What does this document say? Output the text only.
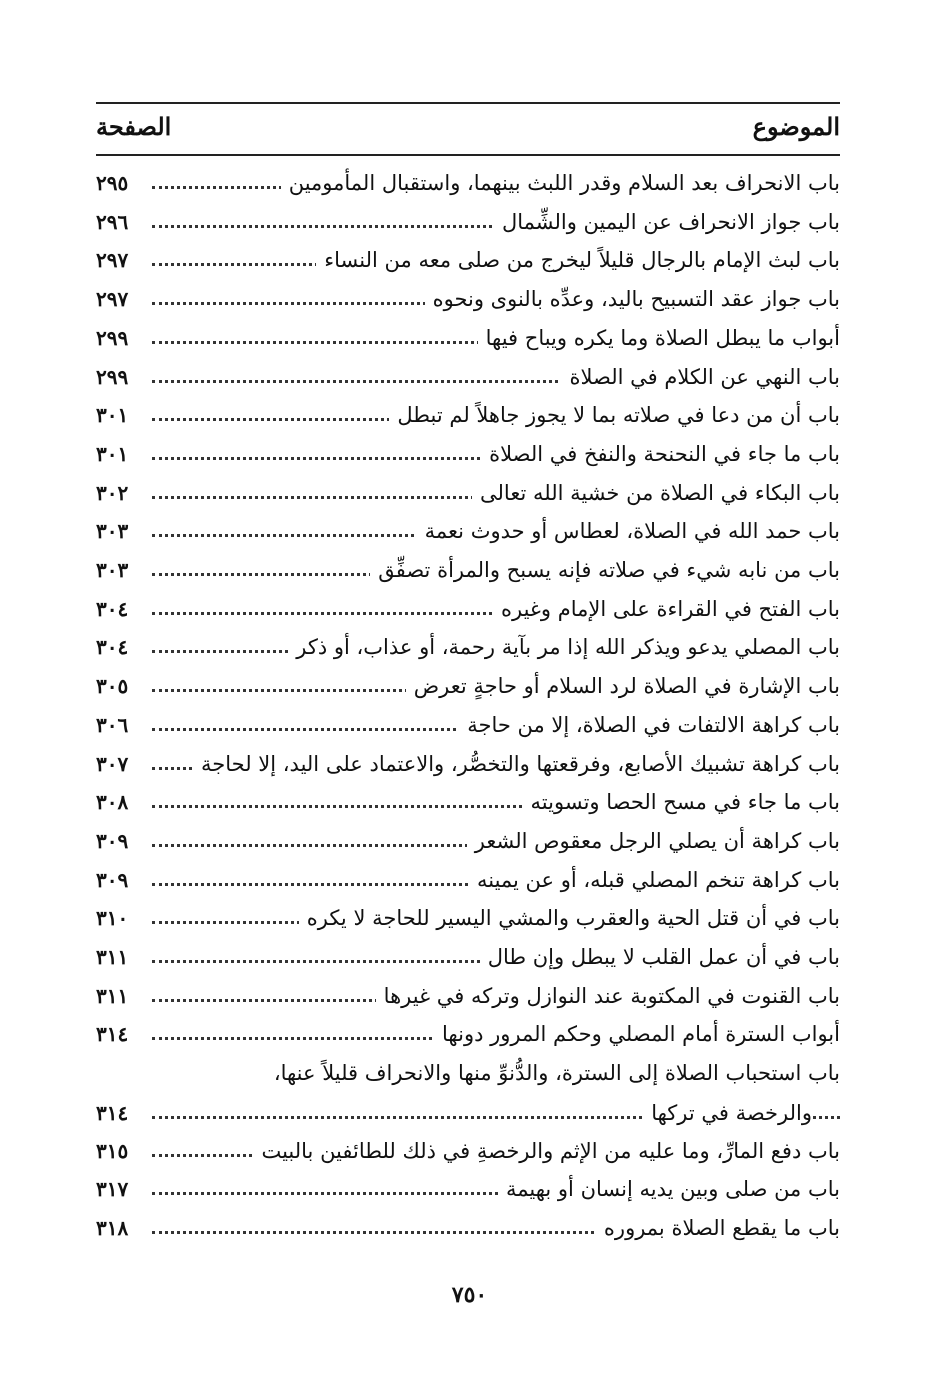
الموضوع
الصفحة
باب الانحراف بعد السلام وقدر اللبث بينهما، واستقبال المأمومين
٢٩٥
باب جواز الانحراف عن اليمين والشِّمال
٢٩٦
باب لبث الإمام بالرجال قليلاً ليخرج من صلى معه من النساء
٢٩٧
باب جواز عقد التسبيح باليد، وعدِّه بالنوى ونحوه
٢٩٧
أبواب ما يبطل الصلاة وما يكره ويباح فيها
٢٩٩
باب النهي عن الكلام في الصلاة
٢٩٩
باب أن من دعا في صلاته بما لا يجوز جاهلاً لم تبطل
٣٠١
باب ما جاء في النحنحة والنفخ في الصلاة
٣٠١
باب البكاء في الصلاة من خشية الله تعالى
٣٠٢
باب حمد الله في الصلاة، لعطاس أو حدوث نعمة
٣٠٣
باب من نابه شيء في صلاته فإنه يسبح والمرأة تصفِّق
٣٠٣
باب الفتح في القراءة على الإمام وغيره
٣٠٤
باب المصلي يدعو ويذكر الله إذا مر بآية رحمة، أو عذاب، أو ذكر
٣٠٤
باب الإشارة في الصلاة لرد السلام أو حاجةٍ تعرض
٣٠٥
باب كراهة الالتفات في الصلاة، إلا من حاجة
٣٠٦
باب كراهة تشبيك الأصابع، وفرقعتها والتخصُّر، والاعتماد على اليد، إلا لحاجة
٣٠٧
باب ما جاء في مسح الحصا وتسويته
٣٠٨
باب كراهة أن يصلي الرجل معقوص الشعر
٣٠٩
باب كراهة تنخم المصلي قبله، أو عن يمينه
٣٠٩
باب في أن قتل الحية والعقرب والمشي اليسير للحاجة لا يكره
٣١٠
باب في أن عمل القلب لا يبطل وإن طال
٣١١
باب القنوت في المكتوبة عند النوازل وتركه في غيرها
٣١١
أبواب السترة أمام المصلي وحكم المرور دونها
٣١٤
باب استحباب الصلاة إلى السترة، والدُّنوِّ منها والانحراف قليلاً عنها،
والرخصة في تركها
٣١٤
باب دفع المارِّ، وما عليه من الإثم والرخصةِ في ذلك للطائفين بالبيت
٣١٥
باب من صلى وبين يديه إنسان أو بهيمة
٣١٧
باب ما يقطع الصلاة بمروره
٣١٨
٧٥٠
